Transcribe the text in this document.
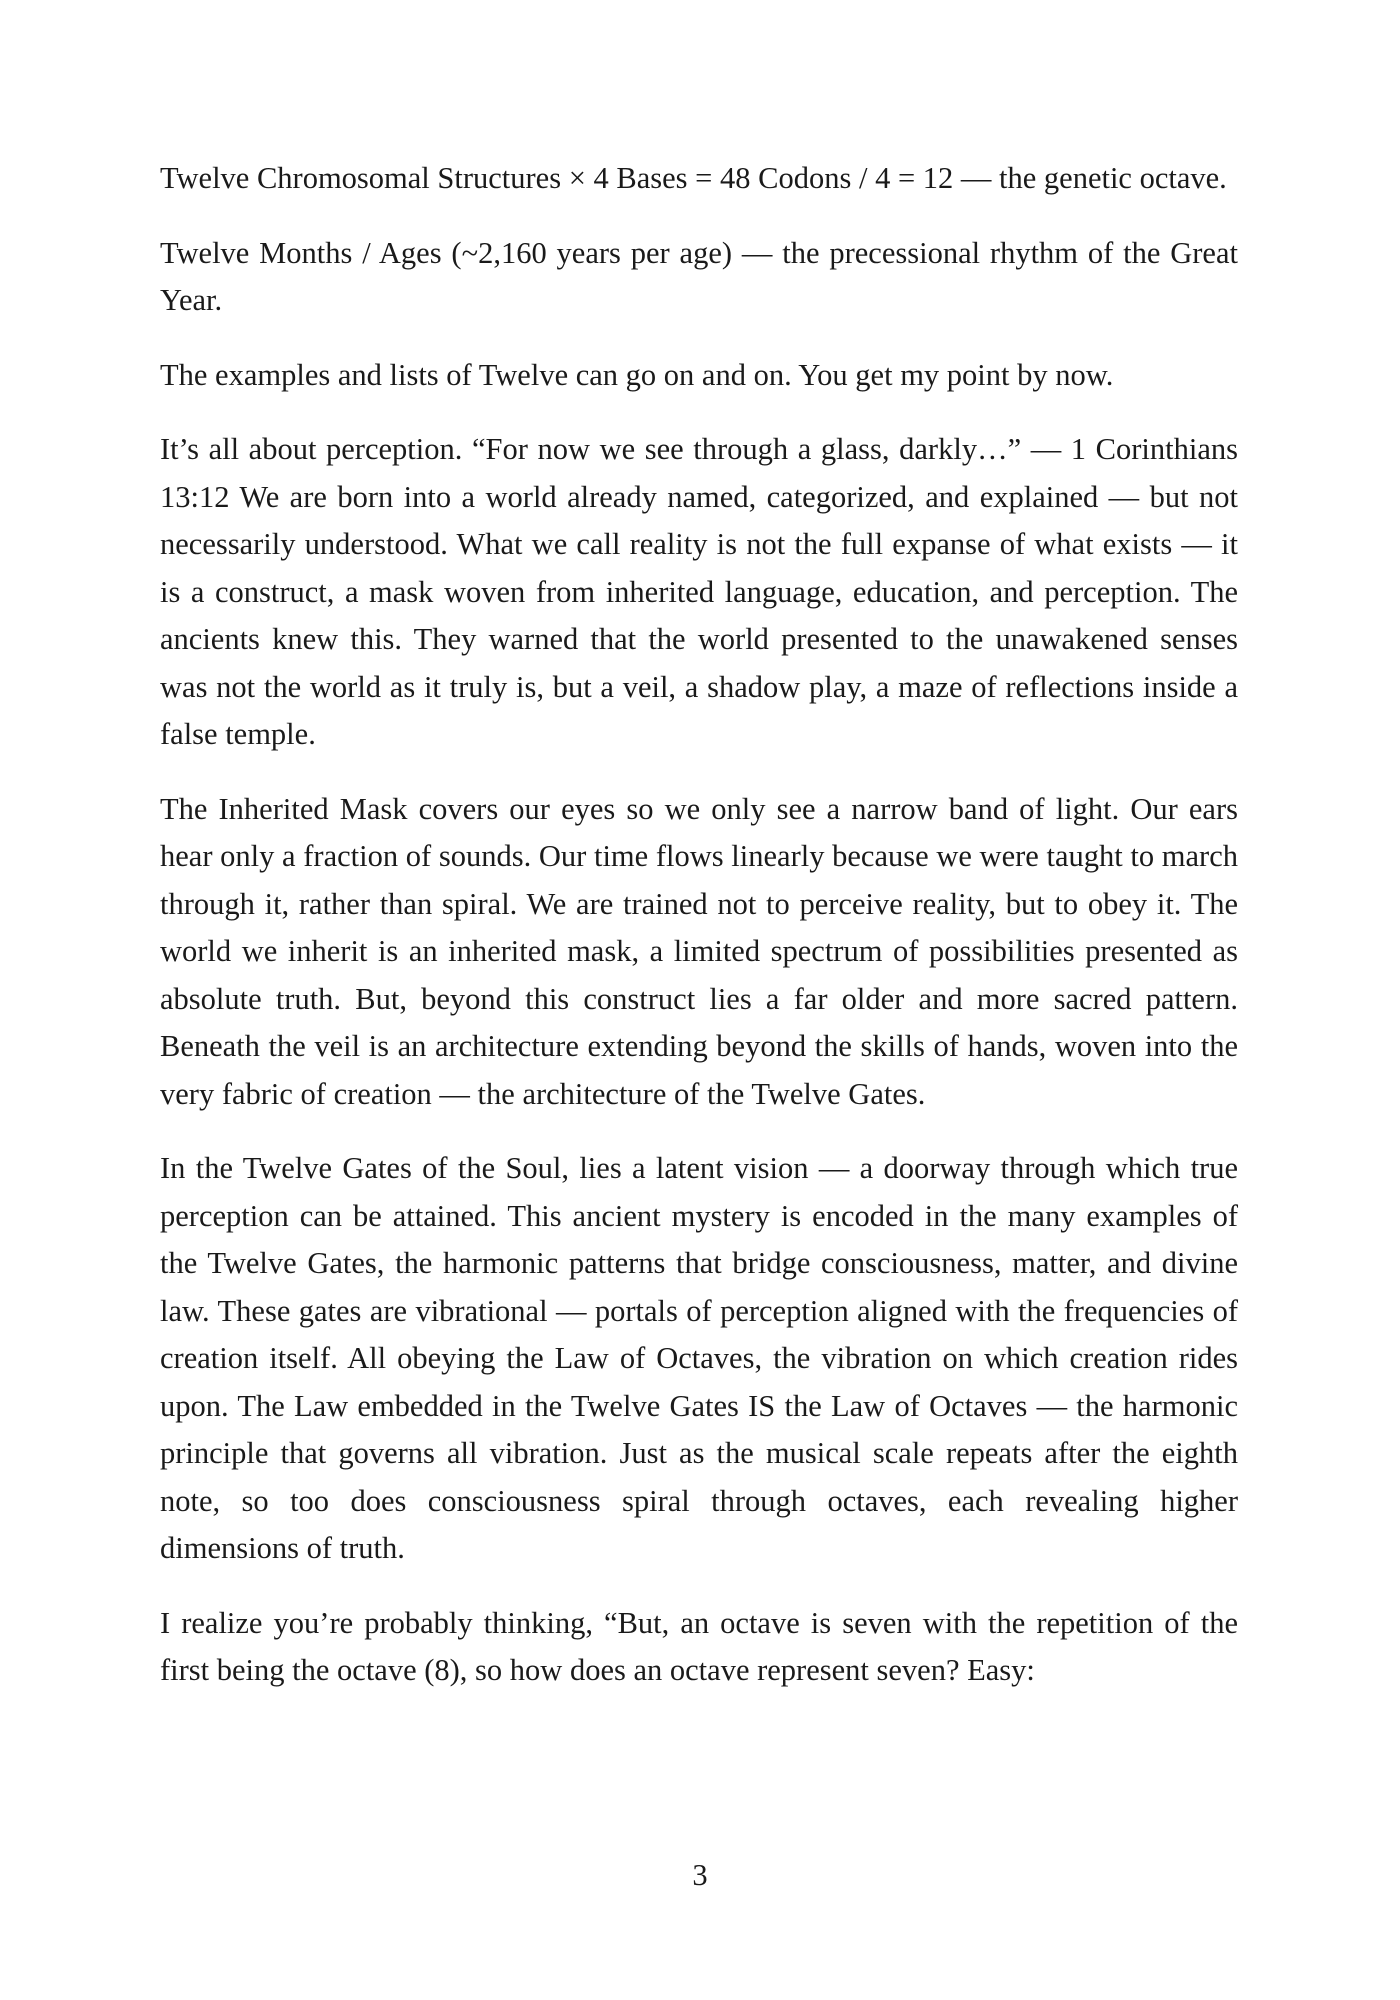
Twelve Chromosomal Structures × 4 Bases = 48 Codons / 4 = 12 — the genetic octave.

Twelve Months / Ages (~2,160 years per age) — the precessional rhythm of the Great Year.

The examples and lists of Twelve can go on and on. You get my point by now.

It’s all about perception. “For now we see through a glass, darkly…” — 1 Corinthians 13:12 We are born into a world already named, categorized, and explained — but not necessarily understood. What we call reality is not the full expanse of what exists — it is a construct, a mask woven from inherited language, education, and perception. The ancients knew this. They warned that the world presented to the unawakened senses was not the world as it truly is, but a veil, a shadow play, a maze of reflections inside a false temple.

The Inherited Mask covers our eyes so we only see a narrow band of light. Our ears hear only a fraction of sounds. Our time flows linearly because we were taught to march through it, rather than spiral. We are trained not to perceive reality, but to obey it. The world we inherit is an inherited mask, a limited spectrum of possibilities presented as absolute truth. But, beyond this construct lies a far older and more sacred pattern. Beneath the veil is an architecture extending beyond the skills of hands, woven into the very fabric of creation — the architecture of the Twelve Gates.

In the Twelve Gates of the Soul, lies a latent vision — a doorway through which true perception can be attained. This ancient mystery is encoded in the many examples of the Twelve Gates, the harmonic patterns that bridge consciousness, matter, and divine law. These gates are vibrational — portals of perception aligned with the frequencies of creation itself. All obeying the Law of Octaves, the vibration on which creation rides upon. The Law embedded in the Twelve Gates IS the Law of Octaves — the harmonic principle that governs all vibration. Just as the musical scale repeats after the eighth note, so too does consciousness spiral through octaves, each revealing higher dimensions of truth.

I realize you’re probably thinking, “But, an octave is seven with the repetition of the first being the octave (8), so how does an octave represent seven? Easy:

3
